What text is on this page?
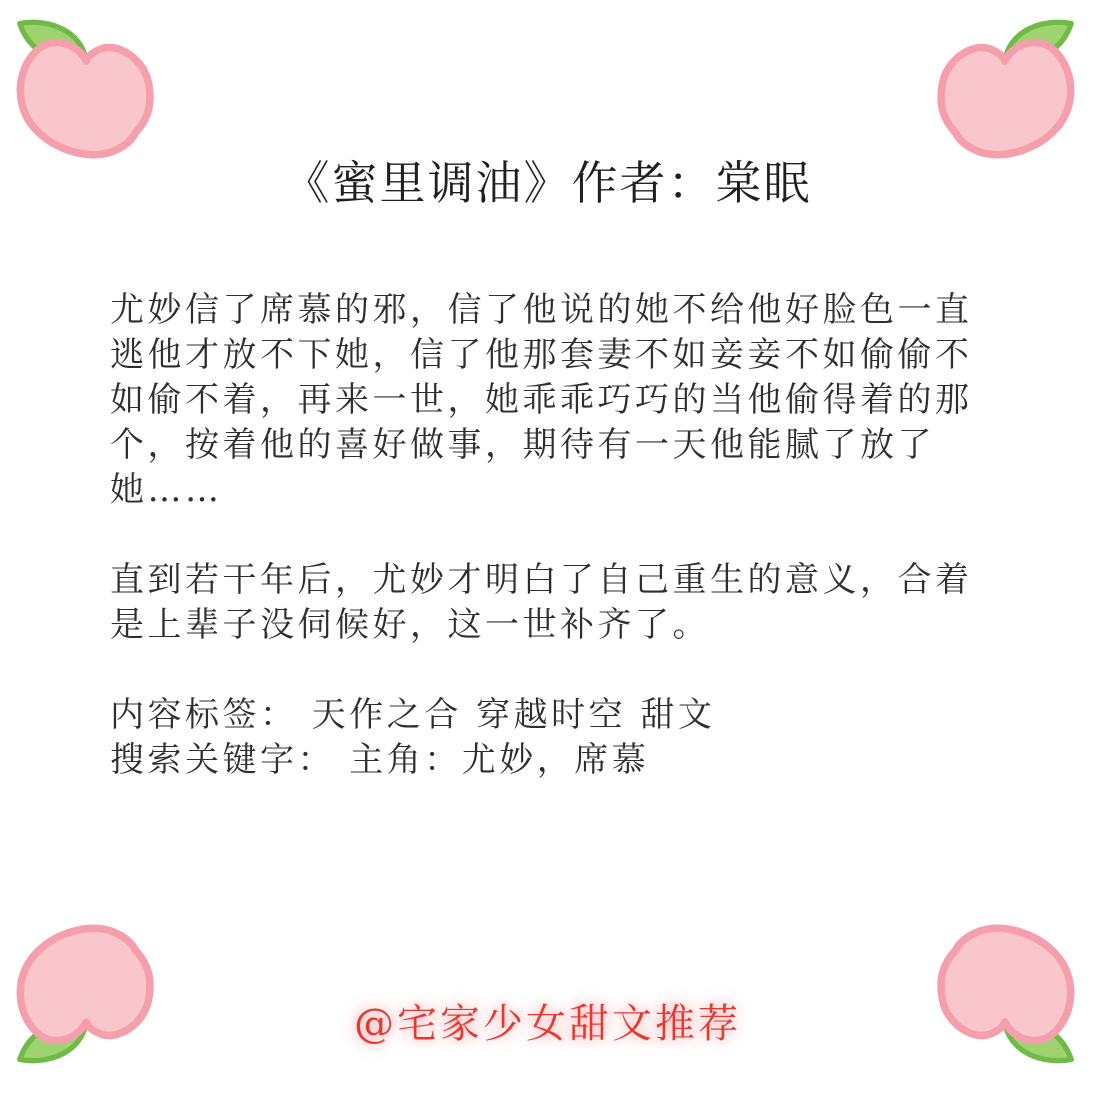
《蜜里调油》作者：棠眠

尤妙信了席慕的邪，信了他说的她不给他好脸色一直逃他才放不下她，信了他那套妻不如妾妾不如偷偷不如偷不着，再来一世，她乖乖巧巧的当他偷得着的那个，按着他的喜好做事，期待有一天他能腻了放了她……

直到若干年后，尤妙才明白了自己重生的意义，合着是上辈子没伺候好，这一世补齐了。

内容标签： 天作之合 穿越时空 甜文

搜索关键字： 主角：尤妙，席慕

@宅家少女甜文推荐
